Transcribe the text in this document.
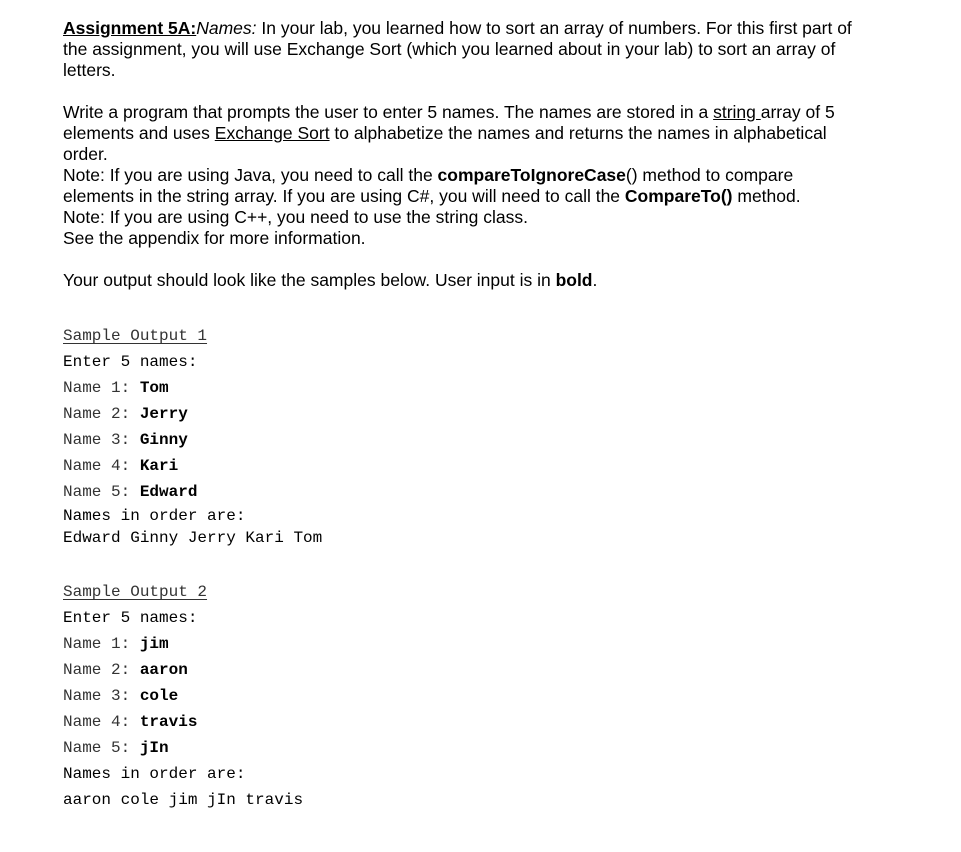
Assignment 5A:Names: In your lab, you learned how to sort an array of numbers. For this first part of the assignment, you will use Exchange Sort (which you learned about in your lab) to sort an array of letters.

Write a program that prompts the user to enter 5 names. The names are stored in a string array of 5 elements and uses Exchange Sort to alphabetize the names and returns the names in alphabetical order.

Note: If you are using Java, you need to call the compareToIgnoreCase() method to compare elements in the string array. If you are using C#, you will need to call the CompareTo() method.

Note: If you are using C++, you need to use the string class.

See the appendix for more information.

Your output should look like the samples below. User input is in bold.

Sample Output 1
Enter 5 names:
Name 1: Tom
Name 2: Jerry
Name 3: Ginny
Name 4: Kari
Name 5: Edward
Names in order are:
Edward Ginny Jerry Kari Tom
Sample Output 2
Enter 5 names:
Name 1: jim
Name 2: aaron
Name 3: cole
Name 4: travis
Name 5: jIn
Names in order are:
aaron cole jim jIn travis
